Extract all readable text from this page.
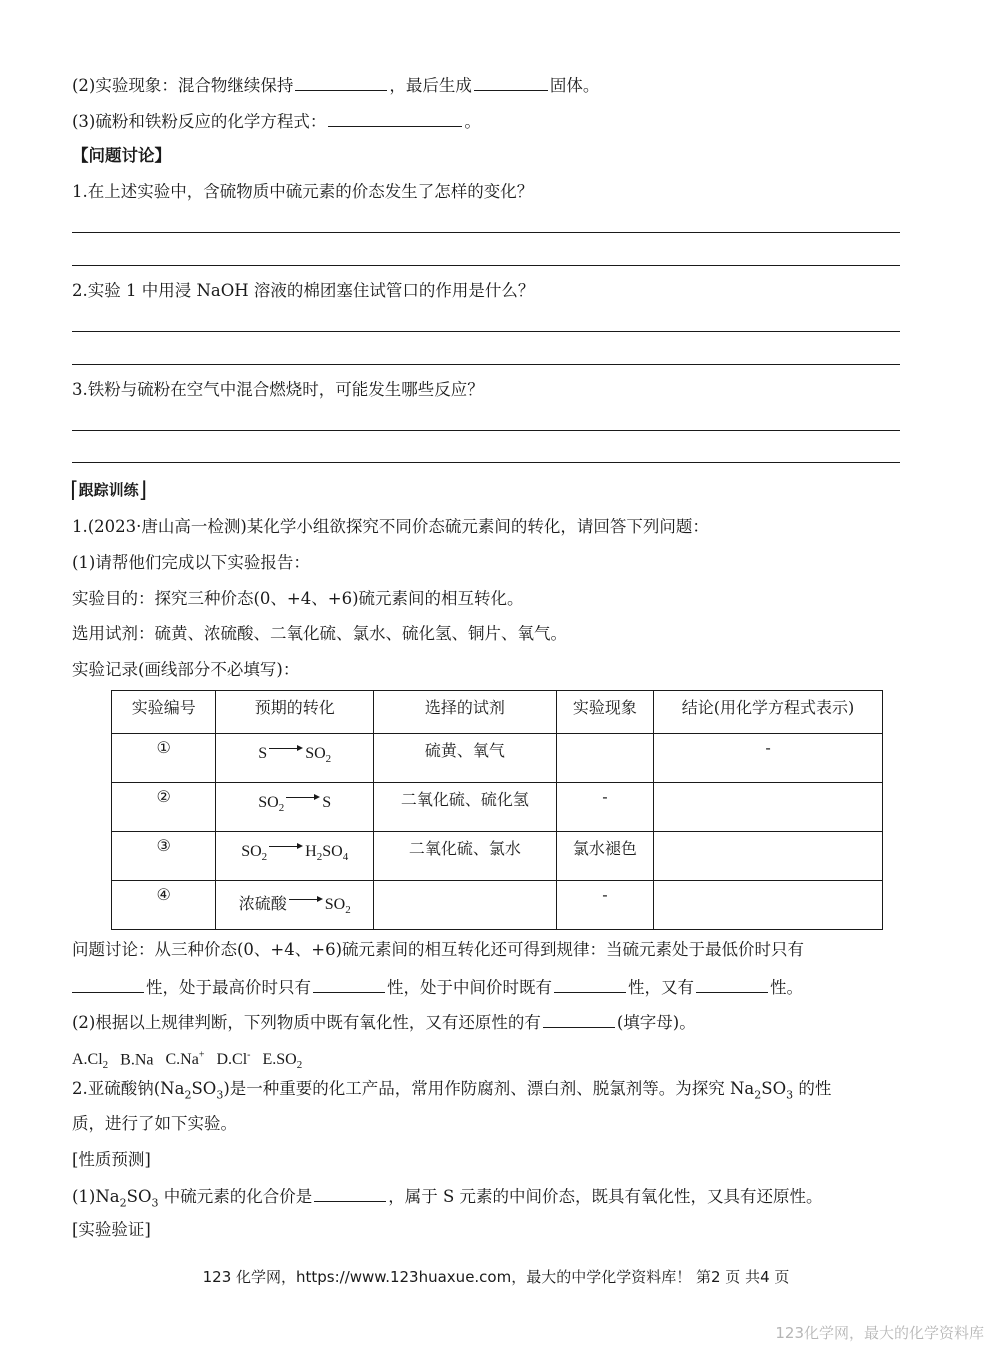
(2)实验现象：混合物继续保持	，最后生成	固体。
(3)硫粉和铁粉反应的化学方程式：	。
【问题讨论】
1.在上述实验中，含硫物质中硫元素的价态发生了怎样的变化？
2.实验 1 中用浸 NaOH 溶液的棉团塞住试管口的作用是什么？
3.铁粉与硫粉在空气中混合燃烧时，可能发生哪些反应？
⌈跟踪训练⌋
1.(2023·唐山高一检测)某化学小组欲探究不同价态硫元素间的转化，请回答下列问题：
(1)请帮他们完成以下实验报告：
实验目的：探究三种价态(0、+4、+6)硫元素间的相互转化。
选用试剂：硫黄、浓硫酸、二氧化硫、氯水、硫化氢、铜片、氧气。
实验记录(画线部分不必填写)：
实验编号	预期的转化	选择的试剂	实验现象	结论(用化学方程式表示)
①	S $SO_2$	硫黄、氧气		-
②	$SO_2$ S	二氧化硫、硫化氢	-	
③	$SO_2$ $H_2SO_4$	二氧化硫、氯水	氯水褪色	
④	浓硫酸 $SO_2$		-	
问题讨论：从三种价态(0、+4、+6)硫元素间的相互转化还可得到规律：当硫元素处于最低价时只有
性，处于最高价时只有	性，处于中间价时既有	性，又有	性。
(2)根据以上规律判断，下列物质中既有氧化性，又有还原性的有	(填字母)。
$A.Cl_2$ B.Na C.Na+ D.Cl- $E.SO_2$
2.亚硫酸钠$(Na_2SO_3)$是一种重要的化工产品，常用作防腐剂、漂白剂、脱氯剂等。为探究 $Na_2SO_3$ 的性
质，进行了如下实验。
[性质预测]
$(1)Na_2SO_3$ 中硫元素的化合价是	，属于 S 元素的中间价态，既具有氧化性，又具有还原性。
[实验验证]
123 化学网，https://www.123huaxue.com，最大的中学化学资料库！ 第2 页 共4 页
123化学网，最大的化学资料库
